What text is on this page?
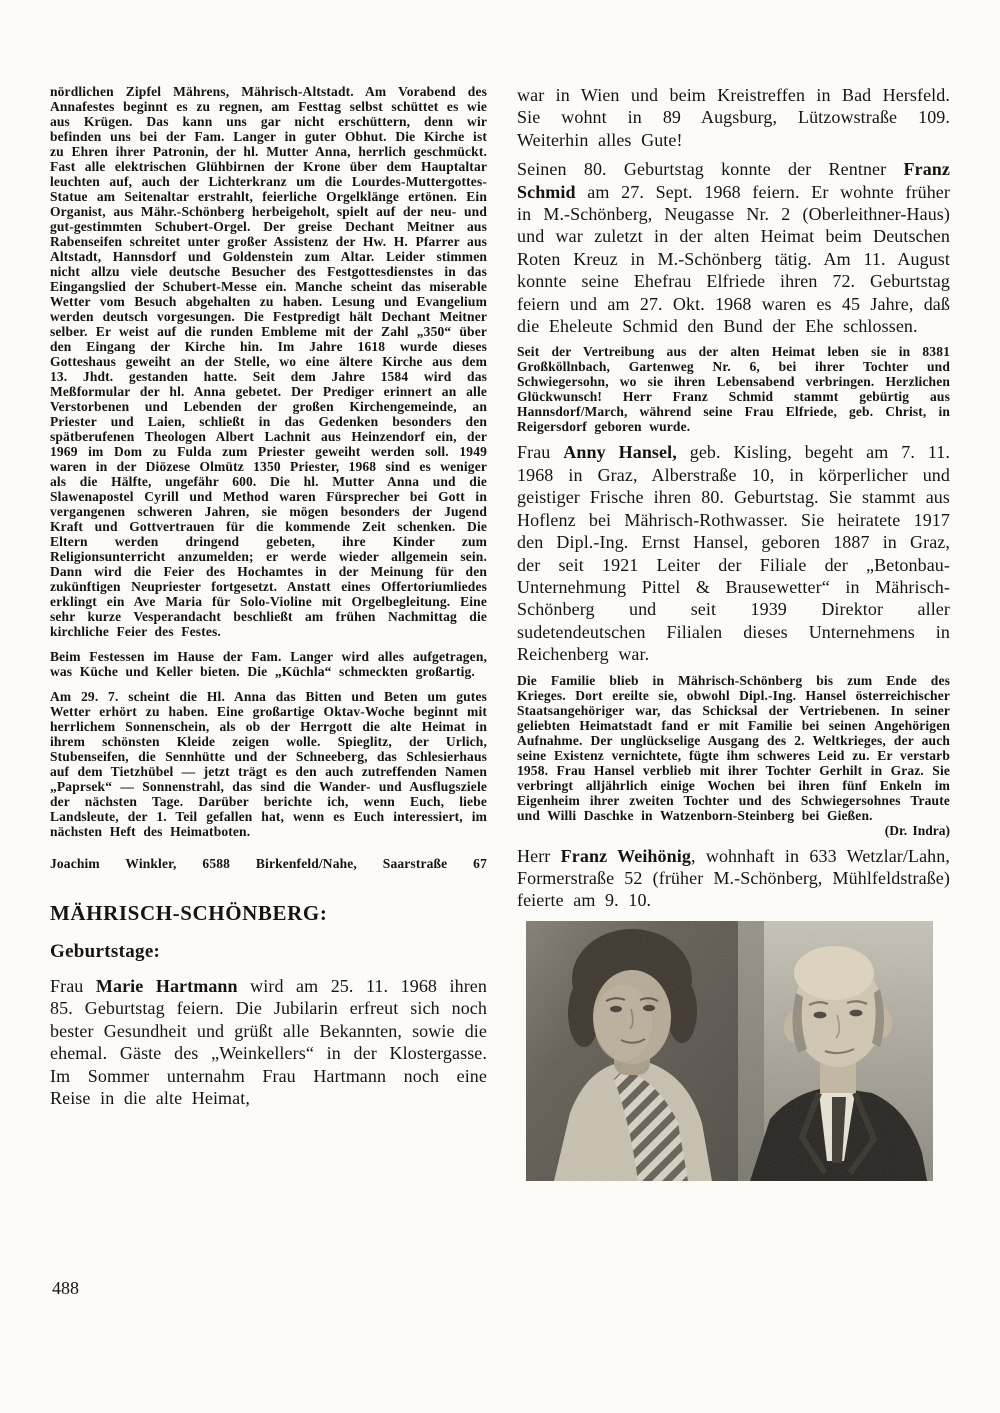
nördlichen Zipfel Mährens, Mährisch-Altstadt. Am Vorabend des Annafestes beginnt es zu regnen, am Festtag selbst schüttet es wie aus Krügen. Das kann uns gar nicht erschüttern, denn wir befinden uns bei der Fam. Langer in guter Obhut. Die Kirche ist zu Ehren ihrer Patronin, der hl. Mutter Anna, herrlich geschmückt. Fast alle elektrischen Glühbirnen der Krone über dem Hauptaltar leuchten auf, auch der Lichterkranz um die Lourdes-Muttergottes-Statue am Seitenaltar erstrahlt, feierliche Orgelklänge ertönen. Ein Organist, aus Mähr.-Schönberg herbeigeholt, spielt auf der neu- und gut-gestimmten Schubert-Orgel. Der greise Dechant Meitner aus Rabenseifen schreitet unter großer Assistenz der Hw. H. Pfarrer aus Altstadt, Hannsdorf und Goldenstein zum Altar. Leider stimmen nicht allzu viele deutsche Besucher des Festgottesdienstes in das Eingangslied der Schubert-Messe ein. Manche scheint das miserable Wetter vom Besuch abgehalten zu haben. Lesung und Evangelium werden deutsch vorgesungen. Die Festpredigt hält Dechant Meitner selber. Er weist auf die runden Embleme mit der Zahl „350“ über den Eingang der Kirche hin. Im Jahre 1618 wurde dieses Gotteshaus geweiht an der Stelle, wo eine ältere Kirche aus dem 13. Jhdt. gestanden hatte. Seit dem Jahre 1584 wird das Meßformular der hl. Anna gebetet. Der Prediger erinnert an alle Verstorbenen und Lebenden der großen Kirchengemeinde, an Priester und Laien, schließt in das Gedenken besonders den spätberufenen Theologen Albert Lachnit aus Heinzendorf ein, der 1969 im Dom zu Fulda zum Priester geweiht werden soll. 1949 waren in der Diözese Olmütz 1350 Priester, 1968 sind es weniger als die Hälfte, ungefähr 600. Die hl. Mutter Anna und die Slawenapostel Cyrill und Method waren Fürsprecher bei Gott in vergangenen schweren Jahren, sie mögen besonders der Jugend Kraft und Gottvertrauen für die kommende Zeit schenken. Die Eltern werden dringend gebeten, ihre Kinder zum Religionsunterricht anzumelden; er werde wieder allgemein sein. Dann wird die Feier des Hochamtes in der Meinung für den zukünftigen Neupriester fortgesetzt. Anstatt eines Offertoriumliedes erklingt ein Ave Maria für Solo-Violine mit Orgelbegleitung. Eine sehr kurze Vesperandacht beschließt am frühen Nachmittag die kirchliche Feier des Festes.

Beim Festessen im Hause der Fam. Langer wird alles aufgetragen, was Küche und Keller bieten. Die „Küchla“ schmeckten großartig.

Am 29. 7. scheint die Hl. Anna das Bitten und Beten um gutes Wetter erhört zu haben. Eine großartige Oktav-Woche beginnt mit herrlichem Sonnenschein, als ob der Herrgott die alte Heimat in ihrem schönsten Kleide zeigen wolle. Spieglitz, der Urlich, Stubenseifen, die Sennhütte und der Schneeberg, das Schlesierhaus auf dem Tietzhübel — jetzt trägt es den auch zutreffenden Namen „Paprsek“ — Sonnenstrahl, das sind die Wander- und Ausflugsziele der nächsten Tage. Darüber berichte ich, wenn Euch, liebe Landsleute, der 1. Teil gefallen hat, wenn es Euch interessiert, im nächsten Heft des Heimatboten.

Joachim Winkler, 6588 Birkenfeld/Nahe, Saarstraße 67

MÄHRISCH-SCHÖNBERG:
Geburtstage:

Frau Marie Hartmann wird am 25. 11. 1968 ihren 85. Geburtstag feiern. Die Jubilarin erfreut sich noch bester Gesundheit und grüßt alle Bekannten, sowie die ehemal. Gäste des „Weinkellers“ in der Klostergasse. Im Sommer unternahm Frau Hartmann noch eine Reise in die alte Heimat,

war in Wien und beim Kreistreffen in Bad Hersfeld. Sie wohnt in 89 Augsburg, Lützowstraße 109. Weiterhin alles Gute!

Seinen 80. Geburtstag konnte der Rentner Franz Schmid am 27. Sept. 1968 feiern. Er wohnte früher in M.-Schönberg, Neugasse Nr. 2 (Oberleithner-Haus) und war zuletzt in der alten Heimat beim Deutschen Roten Kreuz in M.-Schönberg tätig. Am 11. August konnte seine Ehefrau Elfriede ihren 72. Geburtstag feiern und am 27. Okt. 1968 waren es 45 Jahre, daß die Eheleute Schmid den Bund der Ehe schlossen.

Seit der Vertreibung aus der alten Heimat leben sie in 8381 Großköllnbach, Gartenweg Nr. 6, bei ihrer Tochter und Schwiegersohn, wo sie ihren Lebensabend verbringen. Herzlichen Glückwunsch! Herr Franz Schmid stammt gebürtig aus Hannsdorf/March, während seine Frau Elfriede, geb. Christ, in Reigersdorf geboren wurde.

Frau Anny Hansel, geb. Kisling, begeht am 7. 11. 1968 in Graz, Alberstraße 10, in körperlicher und geistiger Frische ihren 80. Geburtstag. Sie stammt aus Hoflenz bei Mährisch-Rothwasser. Sie heiratete 1917 den Dipl.-Ing. Ernst Hansel, geboren 1887 in Graz, der seit 1921 Leiter der Filiale der „Betonbau-Unternehmung Pittel & Brausewetter“ in Mährisch-Schönberg und seit 1939 Direktor aller sudetendeutschen Filialen dieses Unternehmens in Reichenberg war.

Die Familie blieb in Mährisch-Schönberg bis zum Ende des Krieges. Dort ereilte sie, obwohl Dipl.-Ing. Hansel österreichischer Staatsangehöriger war, das Schicksal der Vertriebenen. In seiner geliebten Heimatstadt fand er mit Familie bei seinen Angehörigen Aufnahme. Der unglückselige Ausgang des 2. Weltkrieges, der auch seine Existenz vernichtete, fügte ihm schweres Leid zu. Er verstarb 1958. Frau Hansel verblieb mit ihrer Tochter Gerhilt in Graz. Sie verbringt alljährlich einige Wochen bei ihren fünf Enkeln im Eigenheim ihrer zweiten Tochter und des Schwiegersohnes Traute und Willi Daschke in Watzenborn-Steinberg bei Gießen.

(Dr. Indra)

Herr Franz Weihönig, wohnhaft in 633 Wetzlar/Lahn, Formerstraße 52 (früher M.-Schönberg, Mühlfeldstraße) feierte am 9. 10.

488
